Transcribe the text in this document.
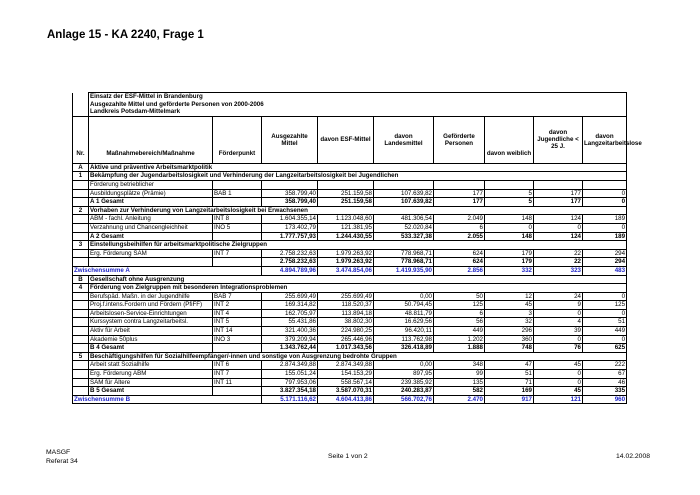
Anlage 15 - KA 2240, Frage 1

	Einsatz der ESF-Mittel in Brandenburg
Ausgezahlte Mittel und geförderte Personen von 2000-2006
Landkreis Potsdam-Mittelmark								

Nr.	Maßnahmebereich/Maßnahme	Förderpunkt	Ausgezahlte Mittel	davon ESF-Mittel	davon Landesmittel	Geförderte Personen	davon weiblich	davon Jugendliche < 25 J.	davon Langzeitarbeitslose
A	Aktive und präventive Arbeitsmarktpolitik								
1	Bekämpfung der Jugendarbeitslosigkeit und Verhinderung der Langzeitarbeitslosigkeit bei Jugendlichen								
	Förderung betrieblicher								
	Ausbildungsplätze (Prämie)	BAB 1	358.799,40	251.159,58	107.639,82	177	5	177	0
	A 1 Gesamt		358.799,40	251.159,58	107.639,82	177	5	177	0
2	Vorhaben zur Verhinderung von Langzeitarbeitslosigkeit bei Erwachsenen								
	ABM - fachl. Anleitung	INT 8	1.604.355,14	1.123.048,60	481.306,54	2.049	148	124	189
	Verzahnung und Chancengleichheit	INO 5	173.402,79	121.381,95	52.020,84	6	0	0	0
	A 2 Gesamt		1.777.757,93	1.244.430,55	533.327,38	2.055	148	124	189
3	Einstellungsbeihilfen für arbeitsmarktpolitische Zielgruppen								
	Erg. Förderung SAM	INT 7	2.758.232,63	1.979.263,92	778.968,71	624	179	22	294
			2.758.232,63	1.979.263,92	778.968,71	624	179	22	294
Zwischensumme A			4.894.789,96	3.474.854,06	1.419.935,90	2.856	332	323	483
B	Gesellschaft ohne Ausgrenzung								
4	Förderung von Zielgruppen mit besonderen Integrationsproblemen								
	Berufspäd. Maßn. in der Jugendhilfe	BAB 7	255.699,49	255.699,49	0,00	50	12	24	0
	Proj.f.intens.Fordern und Fördern (PfiFF)	INT 2	169.314,82	118.520,37	50.794,45	125	45	9	125
	Arbeitslosen-Service-Einrichtungen	INT 4	162.705,97	113.894,18	48.811,79	6	3	0	0
	Kurssystem contra Langzeitarbeitsl.	INT 5	55.431,86	38.802,30	16.629,56	56	32	4	51
	Aktiv für Arbeit	INT 14	321.400,36	224.980,25	96.420,11	449	296	39	449
	Akademie 50plus	INO 3	379.209,94	265.446,96	113.762,98	1.202	360	0	0
	B 4 Gesamt		1.343.762,44	1.017.343,56	326.418,89	1.888	748	76	625
5	Beschäftigungshilfen für Sozialhilfeempfänger/-innen und sonstige von Ausgrenzung bedrohte Gruppen								
	Arbeit statt Sozialhilfe	INT 6	2.874.349,88	2.874.349,88	0,00	348	47	45	222
	Erg. Förderung ABM	INT 7	155.051,24	154.153,29	897,95	99	51	0	67
	SAM für Ältere	INT 11	797.953,06	558.567,14	239.385,92	135	71	0	46
	B 5 Gesamt		3.827.354,18	3.587.070,31	240.283,87	582	169	45	335
Zwischensumme B			5.171.116,62	4.604.413,86	566.702,76	2.470	917	121	960
MASGF
Referat 34
Seite 1 von 2	14.02.2008
